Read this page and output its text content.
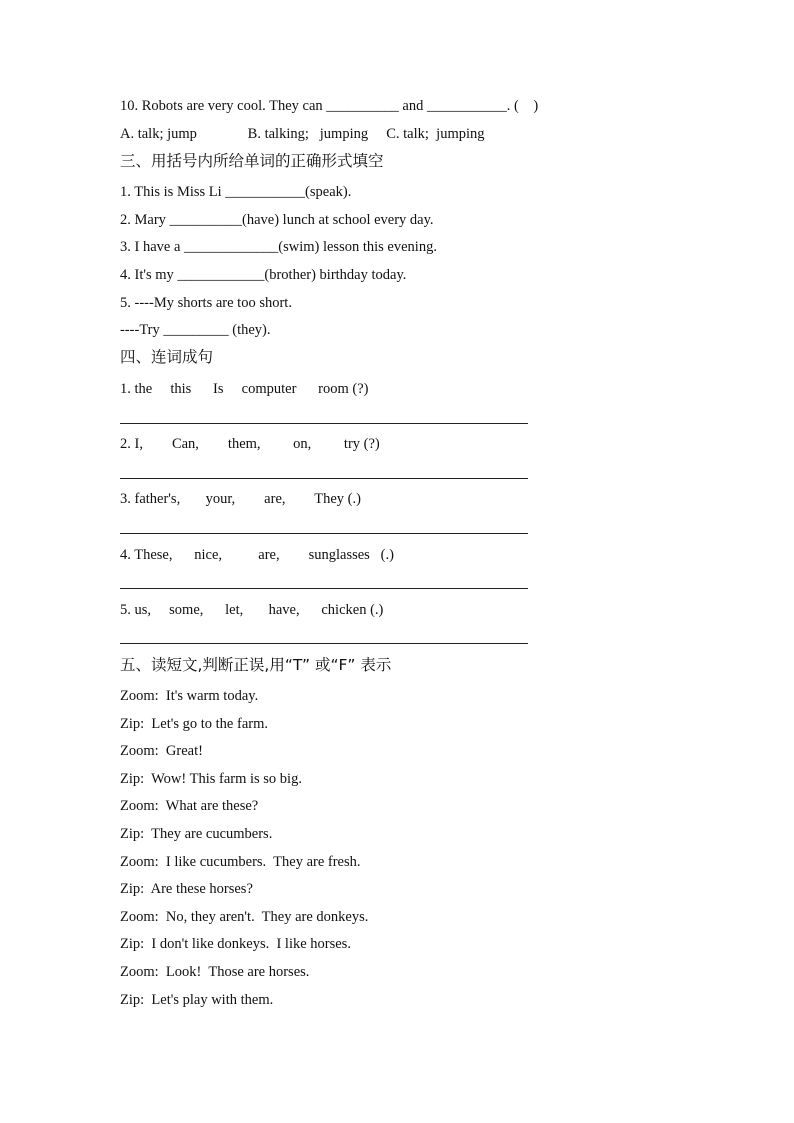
10. Robots are very cool. They can __________ and ___________. (    )
A. talk; jump              B. talking;   jumping     C. talk;  jumping
三、用括号内所给单词的正确形式填空
1. This is Miss Li ___________(speak).
2. Mary __________(have) lunch at school every day.
3. I have a _____________(swim) lesson this evening.
4. It's my ____________(brother) birthday today.
5. ----My shorts are too short.
----Try _________ (they).
四、连词成句
1. the     this      Is     computer      room (?)
2. I,        Can,        them,         on,         try (?)
3. father's,       your,        are,        They (.)
4. These,      nice,          are,        sunglasses   (.)
5. us,     some,      let,       have,      chicken (.)
五、读短文,判断正误,用“T” 或“F” 表示
Zoom:  It's warm today.
Zip:  Let's go to the farm.
Zoom:  Great!
Zip:  Wow! This farm is so big.
Zoom:  What are these?
Zip:  They are cucumbers.
Zoom:  I like cucumbers.  They are fresh.
Zip:  Are these horses?
Zoom:  No, they aren't.  They are donkeys.
Zip:  I don't like donkeys.  I like horses.
Zoom:  Look!  Those are horses.
Zip:  Let's play with them.
